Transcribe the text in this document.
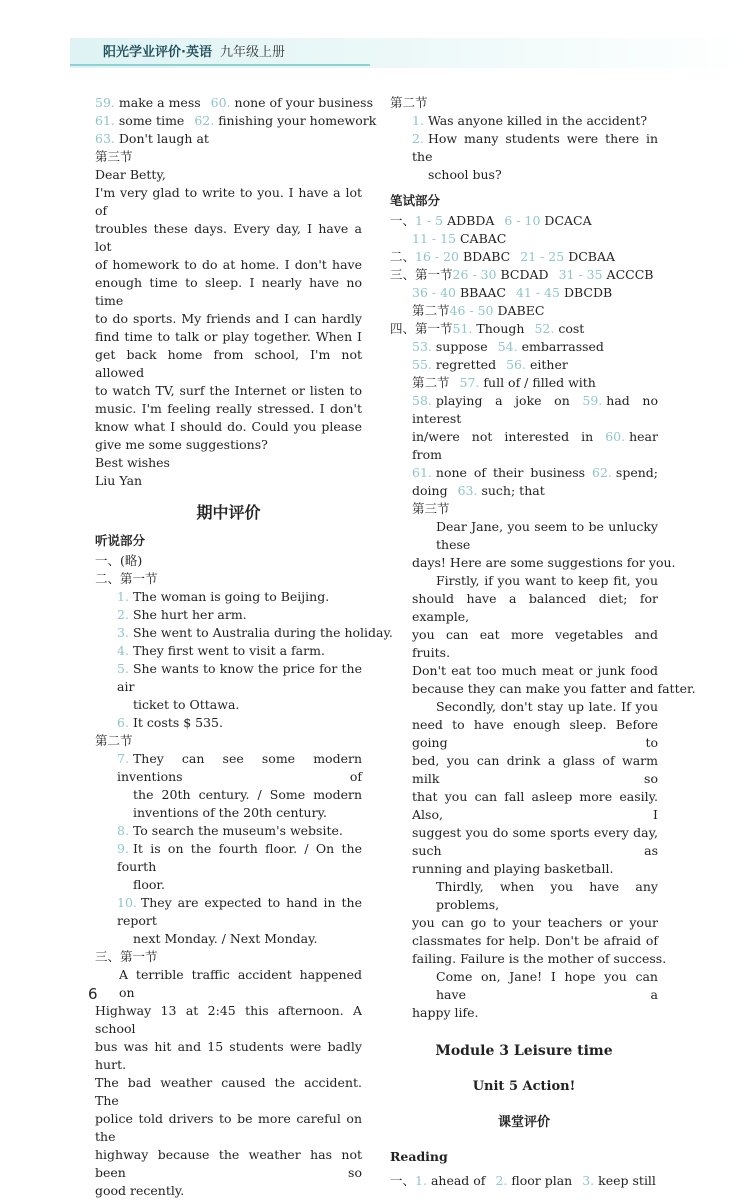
阳光学业评价·英语 九年级上册
59. make a mess 60. none of your business
61. some time 62. finishing your homework
63. Don't laugh at
第三节
Dear Betty,
I'm very glad to write to you. I have a lot of
troubles these days. Every day, I have a lot
of homework to do at home. I don't have
enough time to sleep. I nearly have no time
to do sports. My friends and I can hardly
find time to talk or play together. When I
get back home from school, I'm not allowed
to watch TV, surf the Internet or listen to
music. I'm feeling really stressed. I don't
know what I should do. Could you please
give me some suggestions?
Best wishes
Liu Yan
期中评价
听说部分
一、(略)
二、第一节
1. The woman is going to Beijing.
2. She hurt her arm.
3. She went to Australia during the holiday.
4. They first went to visit a farm.
5. She wants to know the price for the air
ticket to Ottawa.
6. It costs $ 535.
第二节
7. They can see some modern inventions of
the 20th century. / Some modern
inventions of the 20th century.
8. To search the museum's website.
9. It is on the fourth floor. / On the fourth
floor.
10. They are expected to hand in the report
next Monday. / Next Monday.
三、第一节
A terrible traffic accident happened on
Highway 13 at 2:45 this afternoon. A school
bus was hit and 15 students were badly hurt.
The bad weather caused the accident. The
police told drivers to be more careful on the
highway because the weather has not been so
good recently.
第二节
1. Was anyone killed in the accident?
2. How many students were there in the
school bus?
笔试部分
一、1 - 5 ADBDA 6 - 10 DCACA
11 - 15 CABAC
二、16 - 20 BDABC 21 - 25 DCBAA
三、第一节26 - 30 BCDAD 31 - 35 ACCCB
36 - 40 BBAAC 41 - 45 DBCDB
第二节46 - 50 DABEC
四、第一节51. Though 52. cost
53. suppose 54. embarrassed
55. regretted 56. either
第二节 57. full of / filled with
58. playing a joke on 59. had no interest
in/were not interested in 60. hear from
61. none of their business 62. spend;
doing 63. such; that
第三节
Dear Jane, you seem to be unlucky these
days! Here are some suggestions for you.
Firstly, if you want to keep fit, you
should have a balanced diet; for example,
you can eat more vegetables and fruits.
Don't eat too much meat or junk food
because they can make you fatter and fatter.
Secondly, don't stay up late. If you
need to have enough sleep. Before going to
bed, you can drink a glass of warm milk so
that you can fall asleep more easily. Also, I
suggest you do some sports every day, such as
running and playing basketball.
Thirdly, when you have any problems,
you can go to your teachers or your
classmates for help. Don't be afraid of
failing. Failure is the mother of success.
Come on, Jane! I hope you can have a
happy life.
Module 3 Leisure time
Unit 5 Action!
课堂评价
Reading
一、1. ahead of 2. floor plan 3. keep still
6
